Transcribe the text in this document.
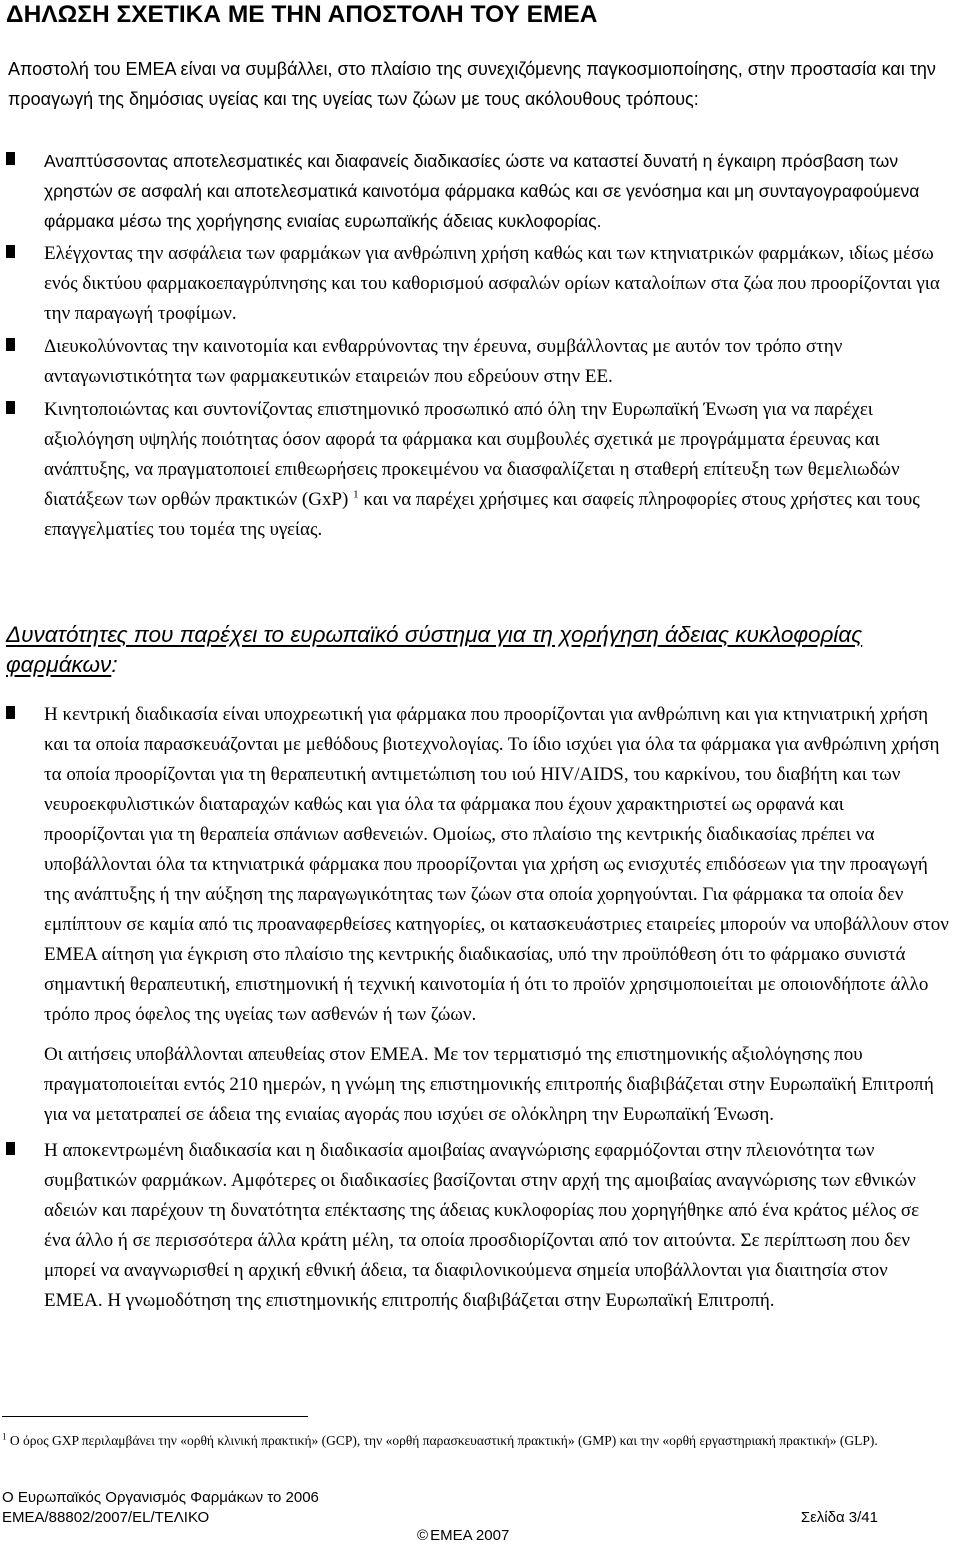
ΔΗΛΩΣΗ ΣΧΕΤΙΚΑ ΜΕ ΤΗΝ ΑΠΟΣΤΟΛΗ ΤΟΥ ΕΜΕΑ

Αποστολή του ΕΜΕΑ είναι να συμβάλλει, στο πλαίσιο της συνεχιζόμενης παγκοσμιοποίησης, στην προστασία και την προαγωγή της δημόσιας υγείας και της υγείας των ζώων με τους ακόλουθους τρόπους:

Αναπτύσσοντας αποτελεσματικές και διαφανείς διαδικασίες ώστε να καταστεί δυνατή η έγκαιρη πρόσβαση των χρηστών σε ασφαλή και αποτελεσματικά καινοτόμα φάρμακα καθώς και σε γενόσημα και μη συνταγογραφούμενα φάρμακα μέσω της χορήγησης ενιαίας ευρωπαϊκής άδειας κυκλοφορίας.
Ελέγχοντας την ασφάλεια των φαρμάκων για ανθρώπινη χρήση καθώς και των κτηνιατρικών φαρμάκων, ιδίως μέσω ενός δικτύου φαρμακοεπαγρύπνησης και του καθορισμού ασφαλών ορίων καταλοίπων στα ζώα που προορίζονται για την παραγωγή τροφίμων.
Διευκολύνοντας την καινοτομία και ενθαρρύνοντας την έρευνα, συμβάλλοντας με αυτόν τον τρόπο στην ανταγωνιστικότητα των φαρμακευτικών εταιρειών που εδρεύουν στην ΕΕ.
Κινητοποιώντας και συντονίζοντας επιστημονικό προσωπικό από όλη την Ευρωπαϊκή Ένωση για να παρέχει αξιολόγηση υψηλής ποιότητας όσον αφορά τα φάρμακα και συμβουλές σχετικά με προγράμματα έρευνας και ανάπτυξης, να πραγματοποιεί επιθεωρήσεις προκειμένου να διασφαλίζεται η σταθερή επίτευξη των θεμελιωδών διατάξεων των ορθών πρακτικών (GxP) $^1$ και να παρέχει χρήσιμες και σαφείς πληροφορίες στους χρήστες και τους επαγγελματίες του τομέα της υγείας.
Δυνατότητες που παρέχει το ευρωπαϊκό σύστημα για τη χορήγηση άδειας κυκλοφορίας φαρμάκων:
Η κεντρική διαδικασία είναι υποχρεωτική για φάρμακα που προορίζονται για ανθρώπινη και για κτηνιατρική χρήση και τα οποία παρασκευάζονται με μεθόδους βιοτεχνολογίας. Το ίδιο ισχύει για όλα τα φάρμακα για ανθρώπινη χρήση τα οποία προορίζονται για τη θεραπευτική αντιμετώπιση του ιού HIV/AIDS, του καρκίνου, του διαβήτη και των νευροεκφυλιστικών διαταραχών καθώς και για όλα τα φάρμακα που έχουν χαρακτηριστεί ως ορφανά και προορίζονται για τη θεραπεία σπάνιων ασθενειών. Ομοίως, στο πλαίσιο της κεντρικής διαδικασίας πρέπει να υποβάλλονται όλα τα κτηνιατρικά φάρμακα που προορίζονται για χρήση ως ενισχυτές επιδόσεων για την προαγωγή της ανάπτυξης ή την αύξηση της παραγωγικότητας των ζώων στα οποία χορηγούνται. Για φάρμακα τα οποία δεν εμπίπτουν σε καμία από τις προαναφερθείσες κατηγορίες, οι κατασκευάστριες εταιρείες μπορούν να υποβάλλουν στον ΕΜΕΑ αίτηση για έγκριση στο πλαίσιο της κεντρικής διαδικασίας, υπό την προϋπόθεση ότι το φάρμακο συνιστά σημαντική θεραπευτική, επιστημονική ή τεχνική καινοτομία ή ότι το προϊόν χρησιμοποιείται με οποιονδήποτε άλλο τρόπο προς όφελος της υγείας των ασθενών ή των ζώων.
Οι αιτήσεις υποβάλλονται απευθείας στον ΕΜΕΑ. Με τον τερματισμό της επιστημονικής αξιολόγησης που πραγματοποιείται εντός 210 ημερών, η γνώμη της επιστημονικής επιτροπής διαβιβάζεται στην Ευρωπαϊκή Επιτροπή για να μετατραπεί σε άδεια της ενιαίας αγοράς που ισχύει σε ολόκληρη την Ευρωπαϊκή Ένωση.
Η αποκεντρωμένη διαδικασία και η διαδικασία αμοιβαίας αναγνώρισης εφαρμόζονται στην πλειονότητα των συμβατικών φαρμάκων. Αμφότερες οι διαδικασίες βασίζονται στην αρχή της αμοιβαίας αναγνώρισης των εθνικών αδειών και παρέχουν τη δυνατότητα επέκτασης της άδειας κυκλοφορίας που χορηγήθηκε από ένα κράτος μέλος σε ένα άλλο ή σε περισσότερα άλλα κράτη μέλη, τα οποία προσδιορίζονται από τον αιτούντα. Σε περίπτωση που δεν μπορεί να αναγνωρισθεί η αρχική εθνική άδεια, τα διαφιλονικούμενα σημεία υποβάλλονται για διαιτησία στον ΕΜΕΑ. Η γνωμοδότηση της επιστημονικής επιτροπής διαβιβάζεται στην Ευρωπαϊκή Επιτροπή.

$^1$ Ο όρος GXP περιλαμβάνει την «ορθή κλινική πρακτική» (GCP), την «ορθή παρασκευαστική πρακτική» (GMP) και την «ορθή εργαστηριακή πρακτική» (GLP).

Ο Ευρωπαϊκός Οργανισμός Φαρμάκων το 2006
EMEA/88802/2007/EL/ΤΕΛΙΚΟ	Σελίδα 3/41
© EMEA 2007
